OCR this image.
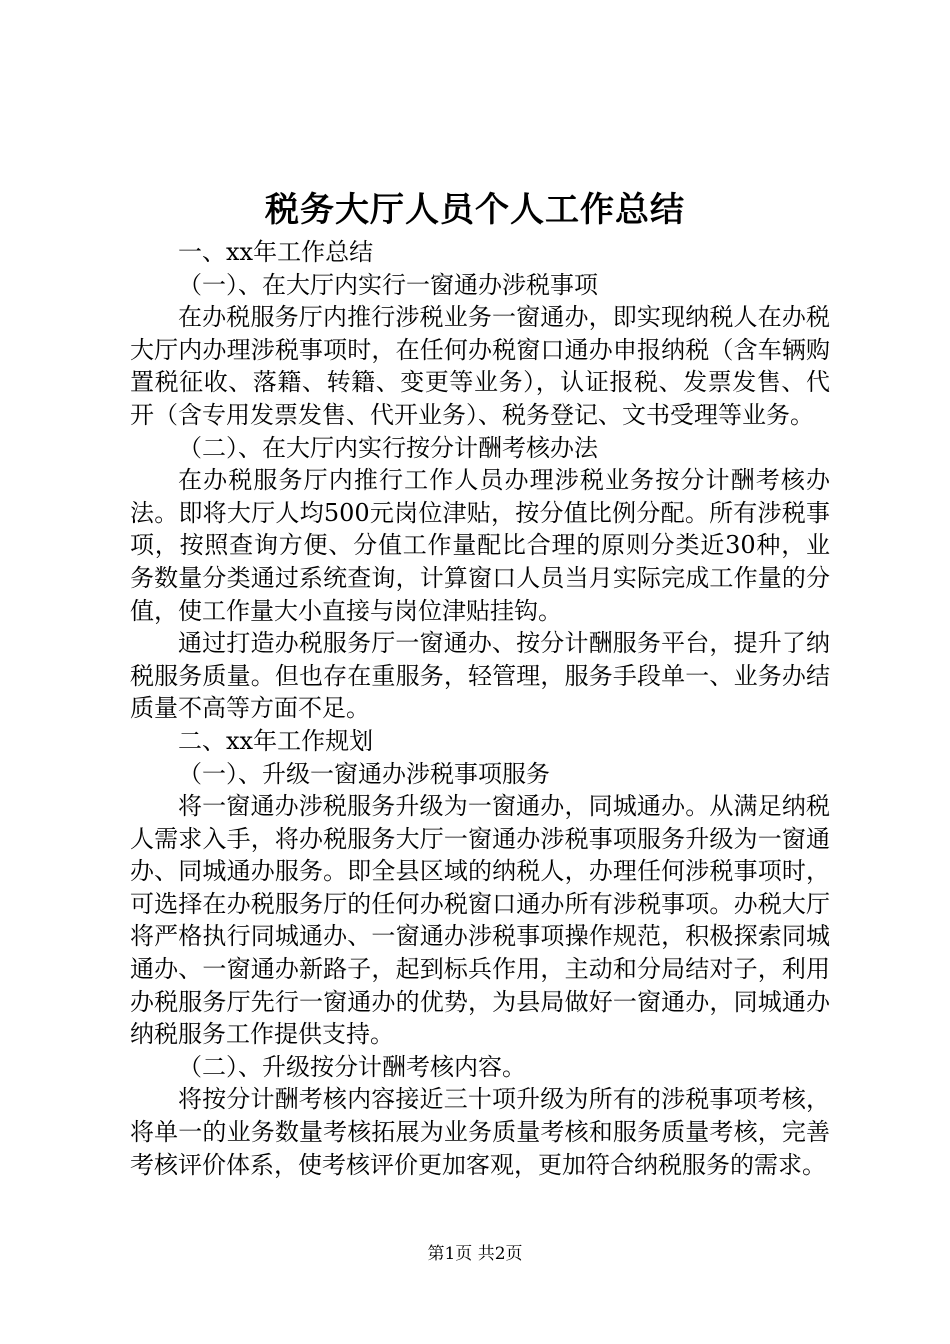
税务大厅人员个人工作总结

一、xx年工作总结

（一）、在大厅内实行一窗通办涉税事项

在办税服务厅内推行涉税业务一窗通办，即实现纳税人在办税大厅内办理涉税事项时，在任何办税窗口通办申报纳税（含车辆购置税征收、落籍、转籍、变更等业务），认证报税、发票发售、代开（含专用发票发售、代开业务）、税务登记、文书受理等业务。

（二）、在大厅内实行按分计酬考核办法

在办税服务厅内推行工作人员办理涉税业务按分计酬考核办法。即将大厅人均500元岗位津贴，按分值比例分配。所有涉税事项，按照查询方便、分值工作量配比合理的原则分类近30种，业务数量分类通过系统查询，计算窗口人员当月实际完成工作量的分值，使工作量大小直接与岗位津贴挂钩。

通过打造办税服务厅一窗通办、按分计酬服务平台，提升了纳税服务质量。但也存在重服务，轻管理，服务手段单一、业务办结质量不高等方面不足。

二、xx年工作规划

（一）、升级一窗通办涉税事项服务

将一窗通办涉税服务升级为一窗通办，同城通办。从满足纳税人需求入手，将办税服务大厅一窗通办涉税事项服务升级为一窗通办、同城通办服务。即全县区域的纳税人，办理任何涉税事项时，可选择在办税服务厅的任何办税窗口通办所有涉税事项。办税大厅将严格执行同城通办、一窗通办涉税事项操作规范，积极探索同城通办、一窗通办新路子，起到标兵作用，主动和分局结对子，利用办税服务厅先行一窗通办的优势，为县局做好一窗通办，同城通办纳税服务工作提供支持。

（二）、升级按分计酬考核内容。

将按分计酬考核内容接近三十项升级为所有的涉税事项考核，将单一的业务数量考核拓展为业务质量考核和服务质量考核，完善考核评价体系，使考核评价更加客观，更加符合纳税服务的需求。

第1页 共2页
